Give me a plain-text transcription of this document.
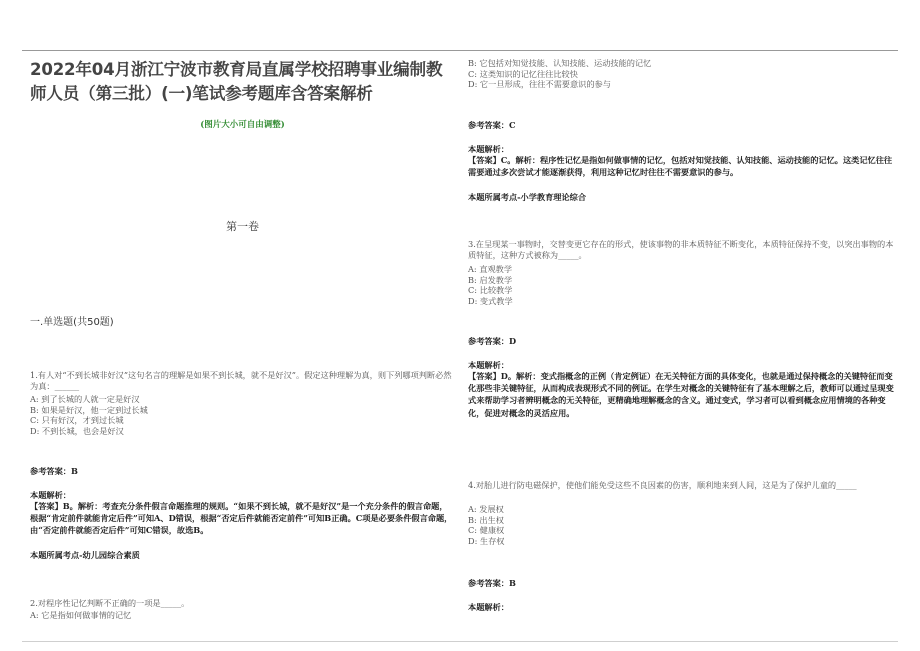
2022年04月浙江宁波市教育局直属学校招聘事业编制教师人员（第三批）(一)笔试参考题库含答案解析
(图片大小可自由调整)
第一卷
一.单选题(共50题)
1.有人对“不到长城非好汉”这句名言的理解是如果不到长城，就不是好汉”。假定这种理解为真，则下列哪项判断必然为真：______
A: 到了长城的人就一定是好汉
B: 如果是好汉，他一定到过长城
C: 只有好汉，才到过长城
D: 不到长城，也会是好汉
参考答案：B
本题解析：
【答案】B。解析：考查充分条件假言命题推理的规则。“如果不到长城，就不是好汉”是一个充分条件的假言命题，根据“肯定前件就能肯定后件”可知A、D错误，根据“否定后件就能否定前件”可知B正确。C项是必要条件假言命题，由“否定前件就能否定后件”可知C错误，故选B。
本题所属考点-幼儿园综合素质
2.对程序性记忆判断不正确的一项是_____。
A: 它是指如何做事情的记忆
B: 它包括对知觉技能、认知技能、运动技能的记忆
C: 这类知识的记忆往往比较快
D: 它一旦形成，往往不需要意识的参与
参考答案：C
本题解析：
【答案】C。解析：程序性记忆是指如何做事情的记忆，包括对知觉技能、认知技能、运动技能的记忆。这类记忆往往需要通过多次尝试才能逐渐获得，利用这种记忆时往往不需要意识的参与。
本题所属考点-小学教育理论综合
3.在呈现某一事物时，交替变更它存在的形式，使该事物的非本质特征不断变化，本质特征保持不变，以突出事物的本质特征，这种方式被称为_____。
A: 直观教学
B: 启发教学
C: 比较教学
D: 变式教学
参考答案：D
本题解析：
【答案】D。解析：变式指概念的正例（肯定例证）在无关特征方面的具体变化，也就是通过保持概念的关键特征而变化那些非关键特征，从而构成表现形式不同的例证。在学生对概念的关键特征有了基本理解之后，教师可以通过呈现变式来帮助学习者辨明概念的无关特征，更精确地理解概念的含义。通过变式，学习者可以看到概念应用情境的各种变化，促进对概念的灵活应用。
4.对胎儿进行防电磁保护，使他们能免受这些不良因素的伤害，顺利地来到人间，这是为了保护儿童的_____
A: 发展权
B: 出生权
C: 健康权
D: 生存权
参考答案：B
本题解析：
